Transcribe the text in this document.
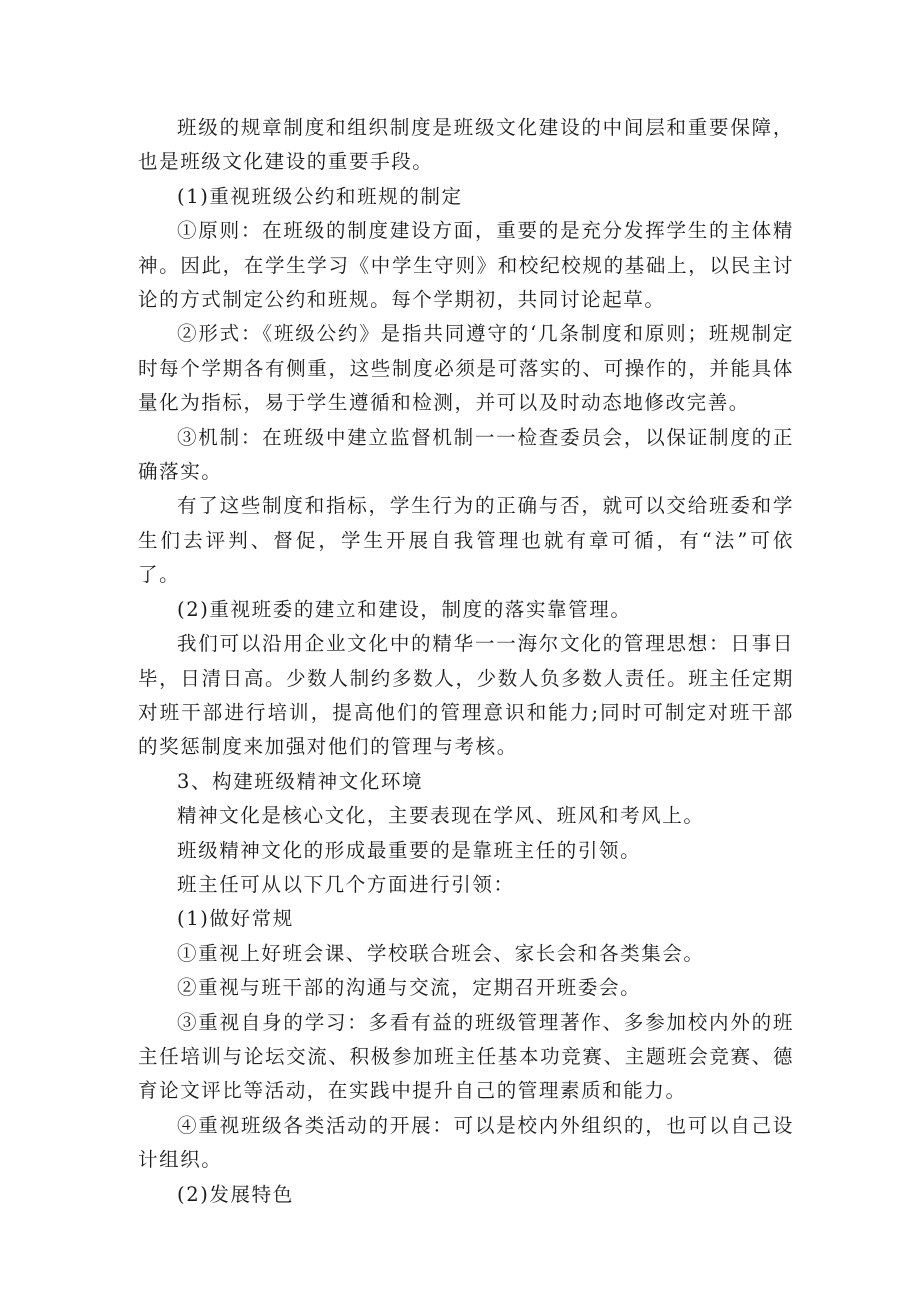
班级的规章制度和组织制度是班级文化建设的中间层和重要保障，也是班级文化建设的重要手段。

(1)重视班级公约和班规的制定

①原则：在班级的制度建设方面，重要的是充分发挥学生的主体精神。因此，在学生学习《中学生守则》和校纪校规的基础上，以民主讨论的方式制定公约和班规。每个学期初，共同讨论起草。

②形式：《班级公约》是指共同遵守的‘几条制度和原则；班规制定时每个学期各有侧重，这些制度必须是可落实的、可操作的，并能具体量化为指标，易于学生遵循和检测，并可以及时动态地修改完善。

③机制：在班级中建立监督机制一一检查委员会，以保证制度的正确落实。

有了这些制度和指标，学生行为的正确与否，就可以交给班委和学生们去评判、督促，学生开展自我管理也就有章可循，有“法”可依了。

(2)重视班委的建立和建设，制度的落实靠管理。

我们可以沿用企业文化中的精华一一海尔文化的管理思想：日事日毕，日清日高。少数人制约多数人，少数人负多数人责任。班主任定期对班干部进行培训，提高他们的管理意识和能力;同时可制定对班干部的奖惩制度来加强对他们的管理与考核。

3、构建班级精神文化环境

精神文化是核心文化，主要表现在学风、班风和考风上。

班级精神文化的形成最重要的是靠班主任的引领。

班主任可从以下几个方面进行引领：

(1)做好常规

①重视上好班会课、学校联合班会、家长会和各类集会。

②重视与班干部的沟通与交流，定期召开班委会。

③重视自身的学习：多看有益的班级管理著作、多参加校内外的班主任培训与论坛交流、积极参加班主任基本功竞赛、主题班会竞赛、德育论文评比等活动，在实践中提升自己的管理素质和能力。

④重视班级各类活动的开展：可以是校内外组织的，也可以自己设计组织。

(2)发展特色
